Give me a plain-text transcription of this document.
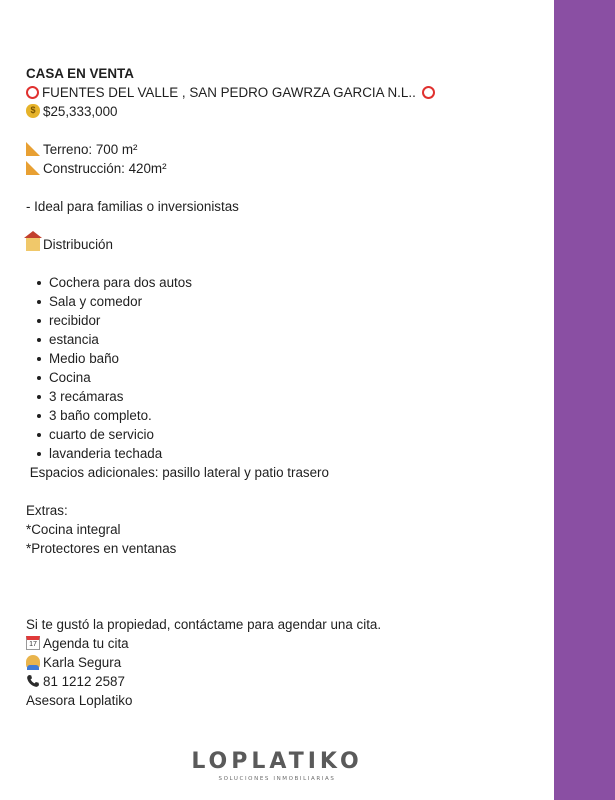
CASA EN VENTA
FUENTES DEL VALLE , SAN PEDRO GAWRZA GARCIA N.L..
$$25,333,000
Terreno: 700 m²
Construcción: 420m²
- Ideal para familias o inversionistas
Distribución
Cochera para dos autos
Sala y comedor
recibidor
estancia
Medio baño
Cocina
3 recámaras
3 baño completo.
cuarto de servicio
lavanderia techada
Espacios adicionales: pasillo lateral y patio trasero
Extras:
*Cocina integral
*Protectores en ventanas
Si te gustó la propiedad, contáctame para agendar una cita.
17Agenda tu cita
Karla Segura
81 1212 2587
Asesora Loplatiko
LOPLATIKO
SOLUCIONES INMOBILIARIAS
